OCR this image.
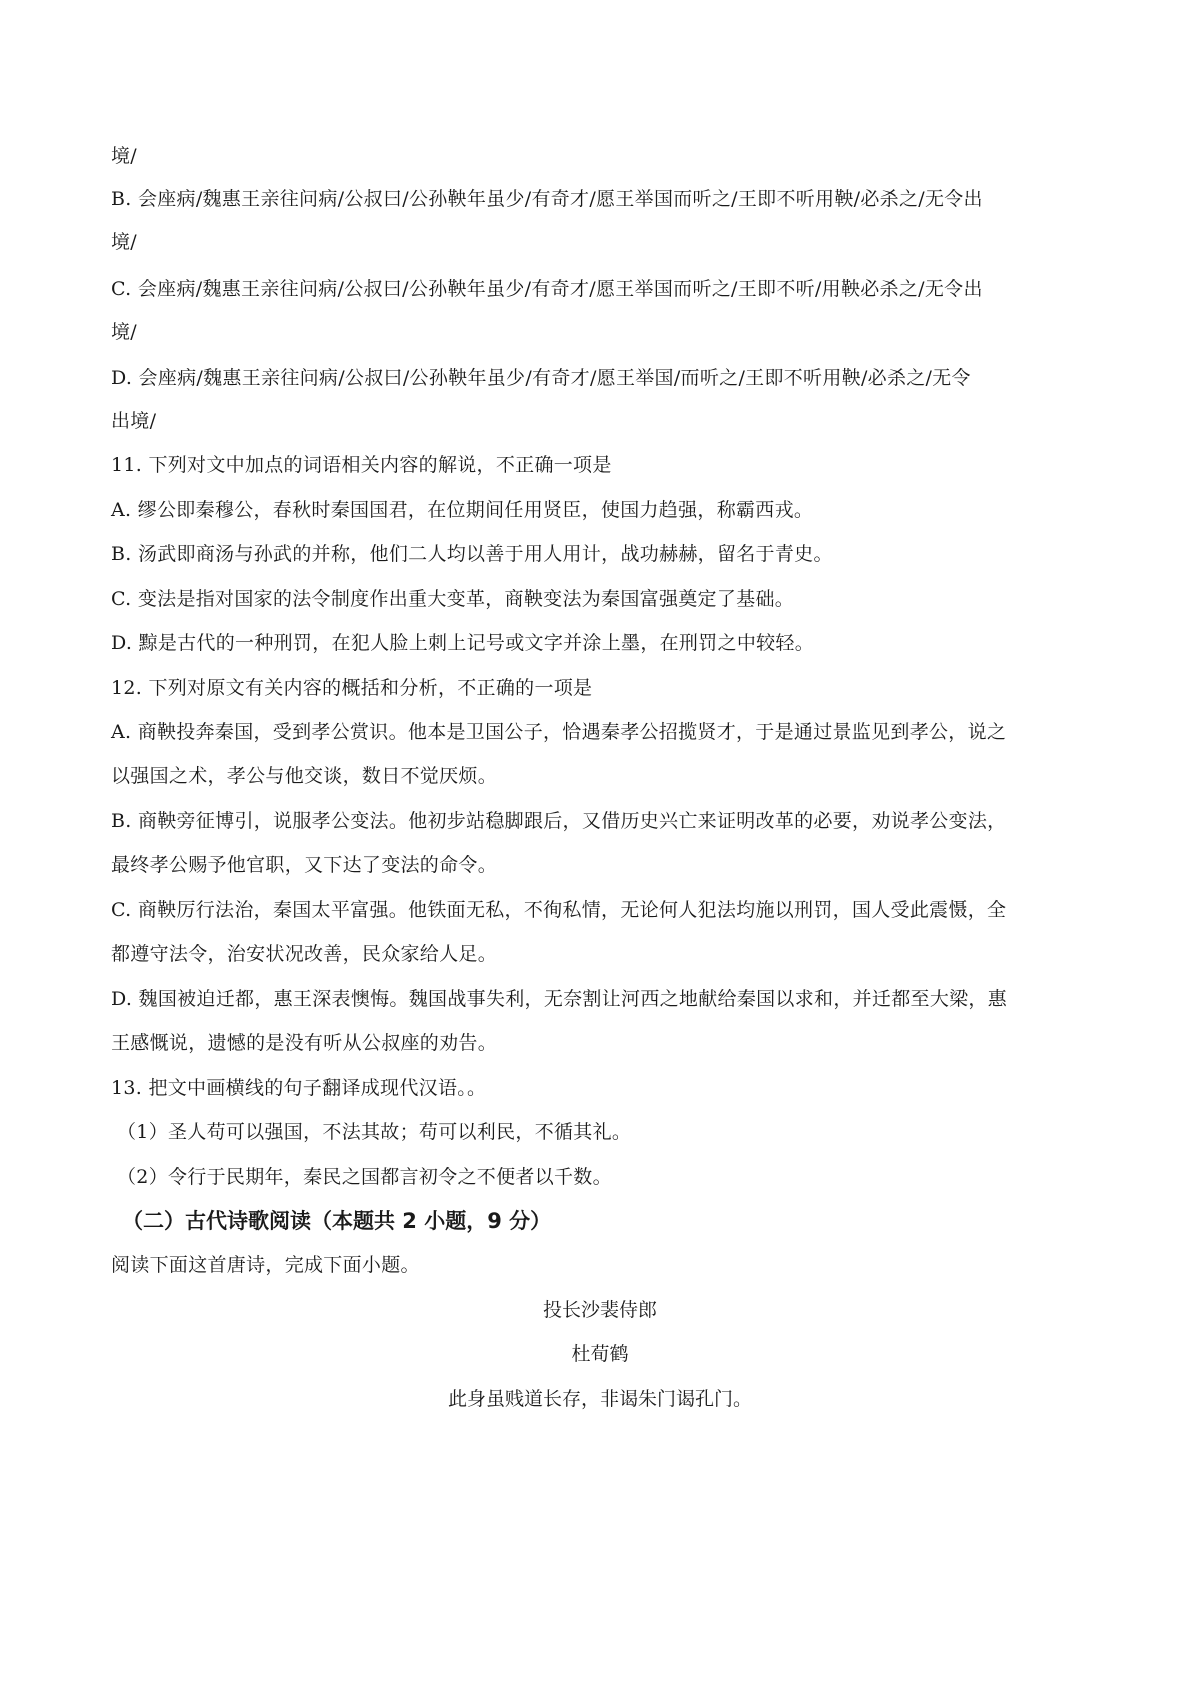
境/
B. 会座病/魏惠王亲往问病/公叔曰/公孙鞅年虽少/有奇才/愿王举国而听之/王即不听用鞅/必杀之/无令出
境/
C. 会座病/魏惠王亲往问病/公叔曰/公孙鞅年虽少/有奇才/愿王举国而听之/王即不听/用鞅必杀之/无令出
境/
D. 会座病/魏惠王亲往问病/公叔曰/公孙鞅年虽少/有奇才/愿王举国/而听之/王即不听用鞅/必杀之/无令
出境/
11. 下列对文中加点的词语相关内容的解说，不正确一项是
A. 缪公即秦穆公，春秋时秦国国君，在位期间任用贤臣，使国力趋强，称霸西戎。
B. 汤武即商汤与孙武的并称，他们二人均以善于用人用计，战功赫赫，留名于青史。
C. 变法是指对国家的法令制度作出重大变革，商鞅变法为秦国富强奠定了基础。
D. 黥是古代的一种刑罚，在犯人脸上刺上记号或文字并涂上墨，在刑罚之中较轻。
12. 下列对原文有关内容的概括和分析，不正确的一项是
A. 商鞅投奔秦国，受到孝公赏识。他本是卫国公子，恰遇秦孝公招揽贤才，于是通过景监见到孝公，说之
以强国之术，孝公与他交谈，数日不觉厌烦。
B. 商鞅旁征博引，说服孝公变法。他初步站稳脚跟后，又借历史兴亡来证明改革的必要，劝说孝公变法，
最终孝公赐予他官职，又下达了变法的命令。
C. 商鞅厉行法治，秦国太平富强。他铁面无私，不徇私情，无论何人犯法均施以刑罚，国人受此震慑，全
都遵守法令，治安状况改善，民众家给人足。
D. 魏国被迫迁都，惠王深表懊悔。魏国战事失利，无奈割让河西之地献给秦国以求和，并迁都至大梁，惠
王感慨说，遗憾的是没有听从公叔座的劝告。
13. 把文中画横线的句子翻译成现代汉语。。
（1）圣人苟可以强国，不法其故；苟可以利民，不循其礼。
（2）令行于民期年，秦民之国都言初令之不便者以千数。
（二）古代诗歌阅读（本题共 2 小题，9 分）
阅读下面这首唐诗，完成下面小题。
投长沙裴侍郎
杜荀鹤
此身虽贱道长存，非谒朱门谒孔门。
